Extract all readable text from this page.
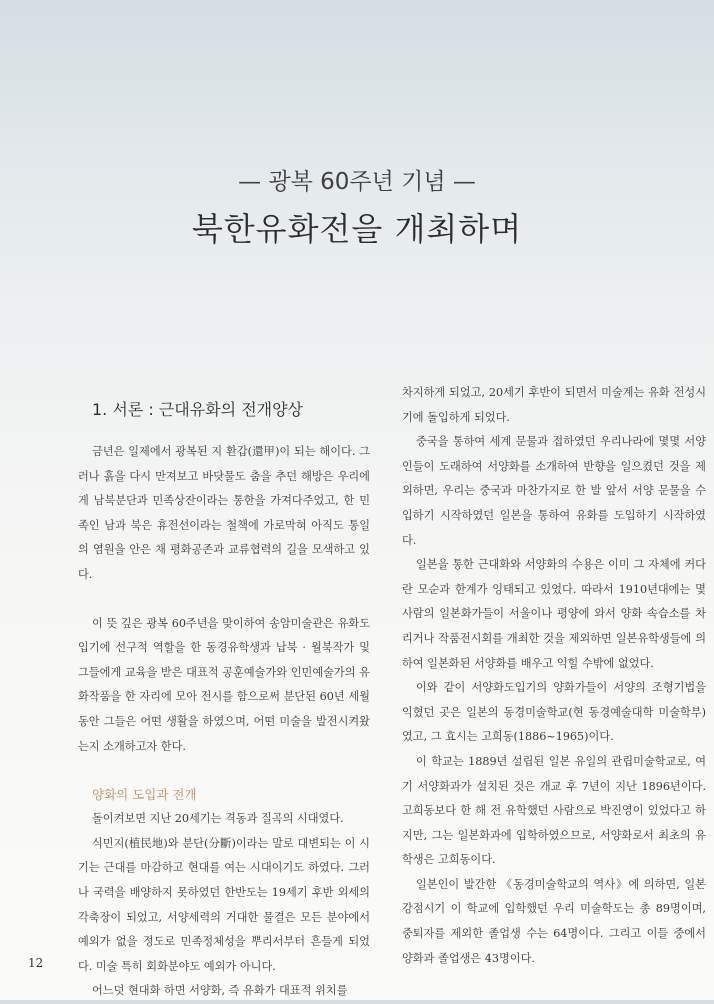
— 광복 60주년 기념 —
북한유화전을 개최하며
1. 서론 : 근대유화의 전개양상

금년은 일제에서 광복된 지 환갑(還甲)이 되는 해이다. 그러나 흙을 다시 만져보고 바닷물도 춤을 추던 해방은 우리에게 남북분단과 민족상잔이라는 통한을 가져다주었고, 한 민족인 남과 북은 휴전선이라는 철책에 가로막혀 아직도 통일의 염원을 안은 채 평화공존과 교류협력의 길을 모색하고 있다.

이 뜻 깊은 광복 60주년을 맞이하여 송암미술관은 유화도입기에 선구적 역할을 한 동경유학생과 납북 · 월북작가 및 그들에게 교육을 받은 대표적 공훈예술가와 인민예술가의 유화작품을 한 자리에 모아 전시를 함으로써 분단된 60년 세월 동안 그들은 어떤 생활을 하였으며, 어떤 미술을 발전시켜왔는지 소개하고자 한다.

양화의 도입과 전개

돌이켜보면 지난 20세기는 격동과 질곡의 시대였다.

식민지(植民地)와 분단(分斷)이라는 말로 대변되는 이 시기는 근대를 마감하고 현대를 여는 시대이기도 하였다. 그러나 국력을 배양하지 못하였던 한반도는 19세기 후반 외세의 각축장이 되었고, 서양세력의 거대한 물결은 모든 분야에서 예외가 없을 정도로 민족정체성을 뿌리서부터 흔들게 되었다. 미술 특히 회화분야도 예외가 아니다.

어느덧 현대화 하면 서양화, 즉 유화가 대표적 위치를

차지하게 되었고, 20세기 후반이 되면서 미술계는 유화 전성시기에 돌입하게 되었다.

중국을 통하여 세계 문물과 접하였던 우리나라에 몇몇 서양인들이 도래하여 서양화를 소개하여 반향을 일으켰던 것을 제외하면, 우리는 중국과 마찬가지로 한 발 앞서 서양 문물을 수입하기 시작하였던 일본을 통하여 유화를 도입하기 시작하였다.

일본을 통한 근대화와 서양화의 수용은 이미 그 자체에 커다란 모순과 한계가 잉태되고 있었다. 따라서 1910년대에는 몇 사람의 일본화가들이 서울이나 평양에 와서 양화 속습소를 차리거나 작품전시회를 개최한 것을 제외하면 일본유학생들에 의하여 일본화된 서양화를 배우고 익힐 수밖에 없었다.

이와 같이 서양화도입기의 양화가들이 서양의 조형기법을 익혔던 곳은 일본의 동경미술학교(현 동경예술대학 미술학부)였고, 그 효시는 고희동(1886~1965)이다.

이 학교는 1889년 설립된 일본 유일의 관립미술학교로, 여기 서양화과가 설치된 것은 개교 후 7년이 지난 1896년이다. 고희동보다 한 해 전 유학했던 사람으로 박진영이 있었다고 하지만, 그는 일본화과에 입학하였으므로, 서양화로서 최초의 유학생은 고희동이다.

일본인이 발간한 《동경미술학교의 역사》에 의하면, 일본 강점시기 이 학교에 입학했던 우리 미술학도는 총 89명이며, 중퇴자를 제외한 졸업생 수는 64명이다. 그리고 이들 중에서 양화과 졸업생은 43명이다.

12
